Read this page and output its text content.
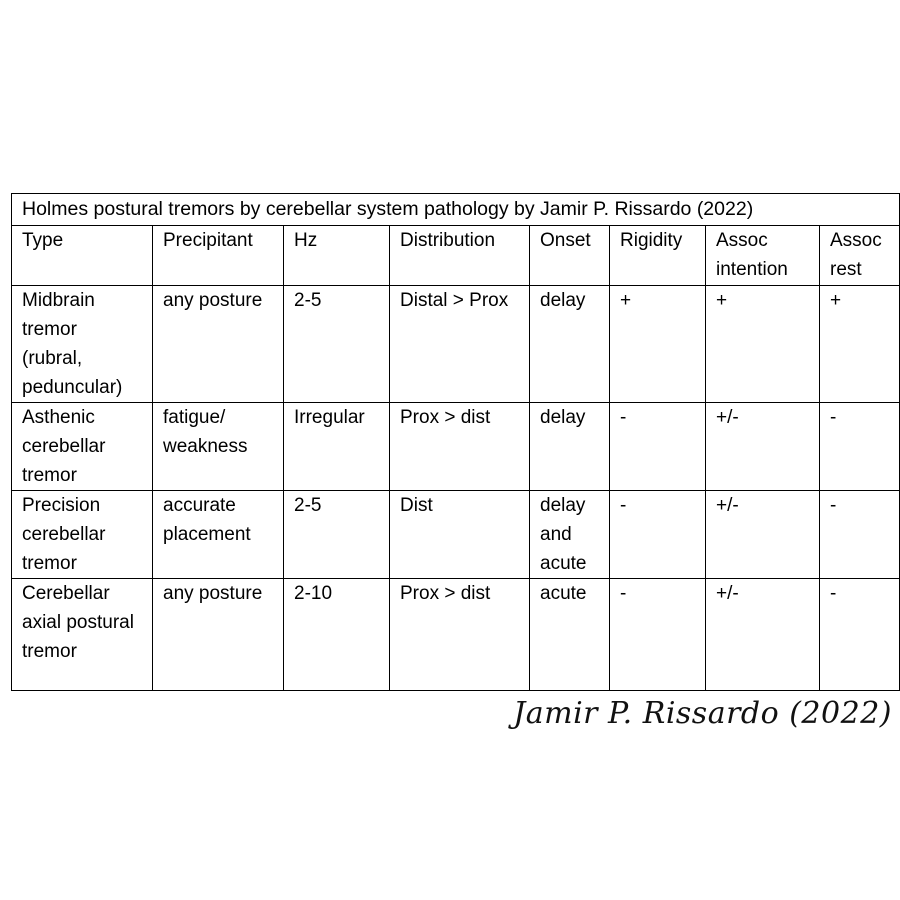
Holmes postural tremors by cerebellar system pathology by Jamir P. Rissardo (2022)							
Type	Precipitant	Hz	Distribution	Onset	Rigidity	Assoc intention	Assoc rest
Midbrain tremor (rubral, peduncular)	any posture	2-5	Distal > Prox	delay	+	+	+
Asthenic cerebellar tremor	fatigue/ weakness	Irregular	Prox > dist	delay	-	+/-	-
Precision cerebellar tremor	accurate placement	2-5	Dist	delay and acute	-	+/-	-
Cerebellar axial postural tremor	any posture	2-10	Prox > dist	acute	-	+/-	-
Jamir P. Rissardo (2022)
